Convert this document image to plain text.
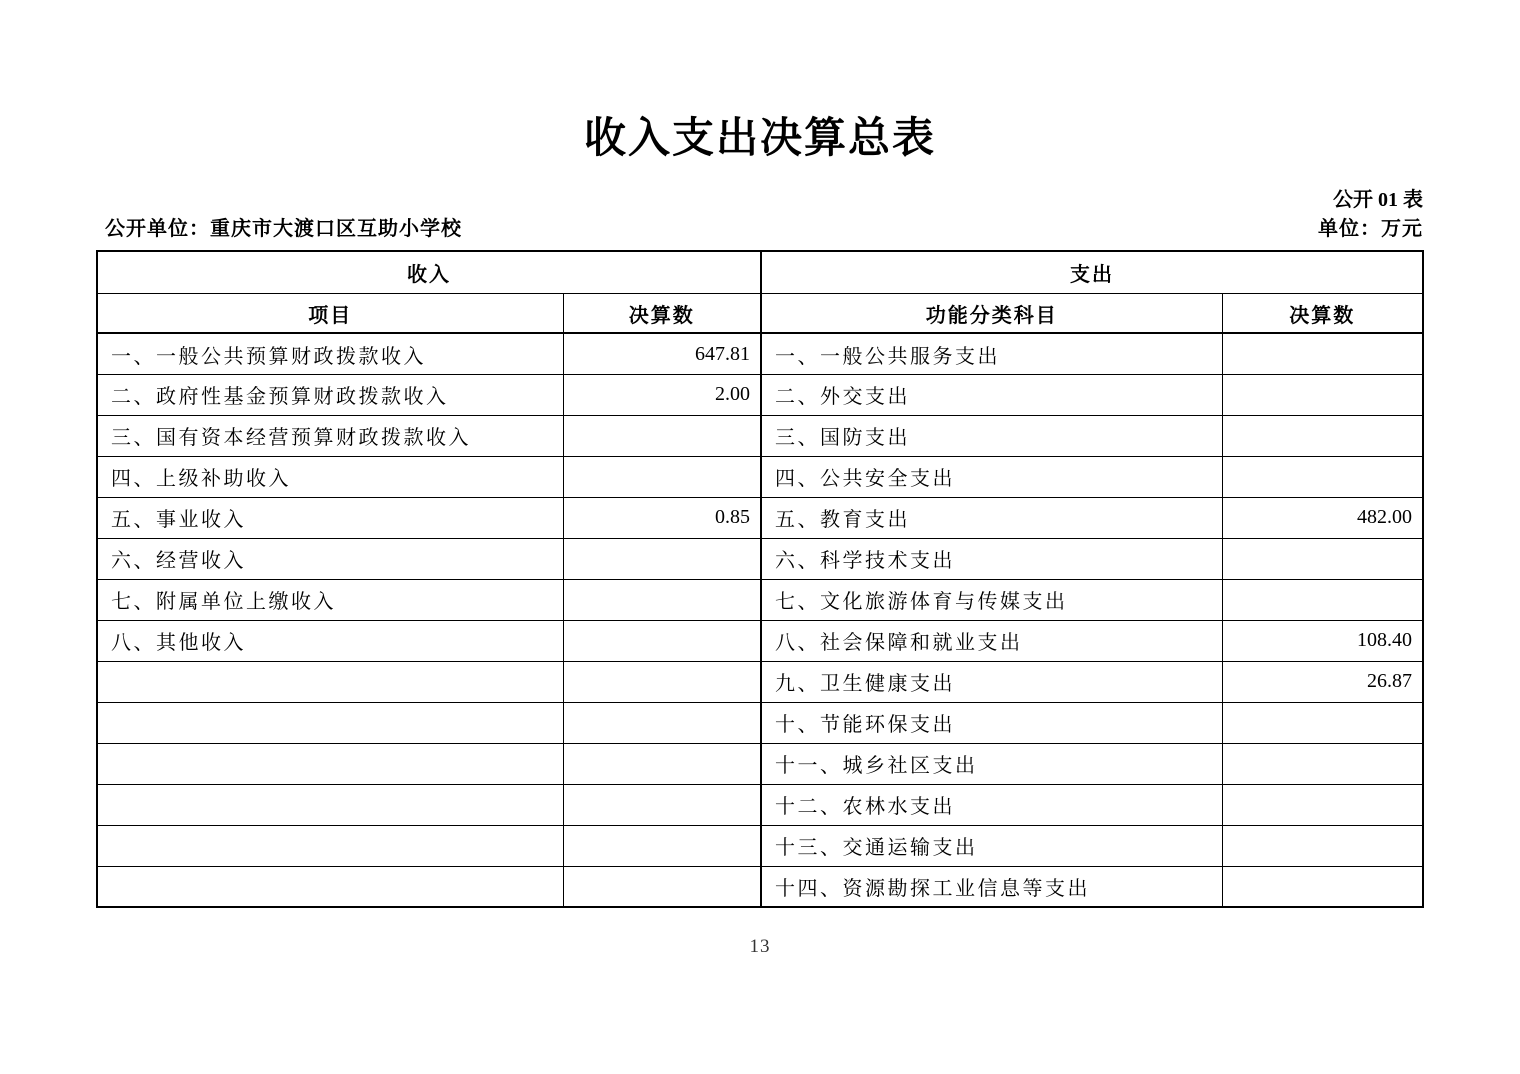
收入支出决算总表
公开 01 表
公开单位：重庆市大渡口区互助小学校	单位：万元
收入		支出	
项目	决算数	功能分类科目	决算数
一、一般公共预算财政拨款收入	647.81	一、一般公共服务支出	
二、政府性基金预算财政拨款收入	2.00	二、外交支出	
三、国有资本经营预算财政拨款收入		三、国防支出	
四、上级补助收入		四、公共安全支出	
五、事业收入	0.85	五、教育支出	482.00
六、经营收入		六、科学技术支出	
七、附属单位上缴收入		七、文化旅游体育与传媒支出	
八、其他收入		八、社会保障和就业支出	108.40
		九、卫生健康支出	26.87
		十、节能环保支出	
		十一、城乡社区支出	
		十二、农林水支出	
		十三、交通运输支出	
		十四、资源勘探工业信息等支出	
13
